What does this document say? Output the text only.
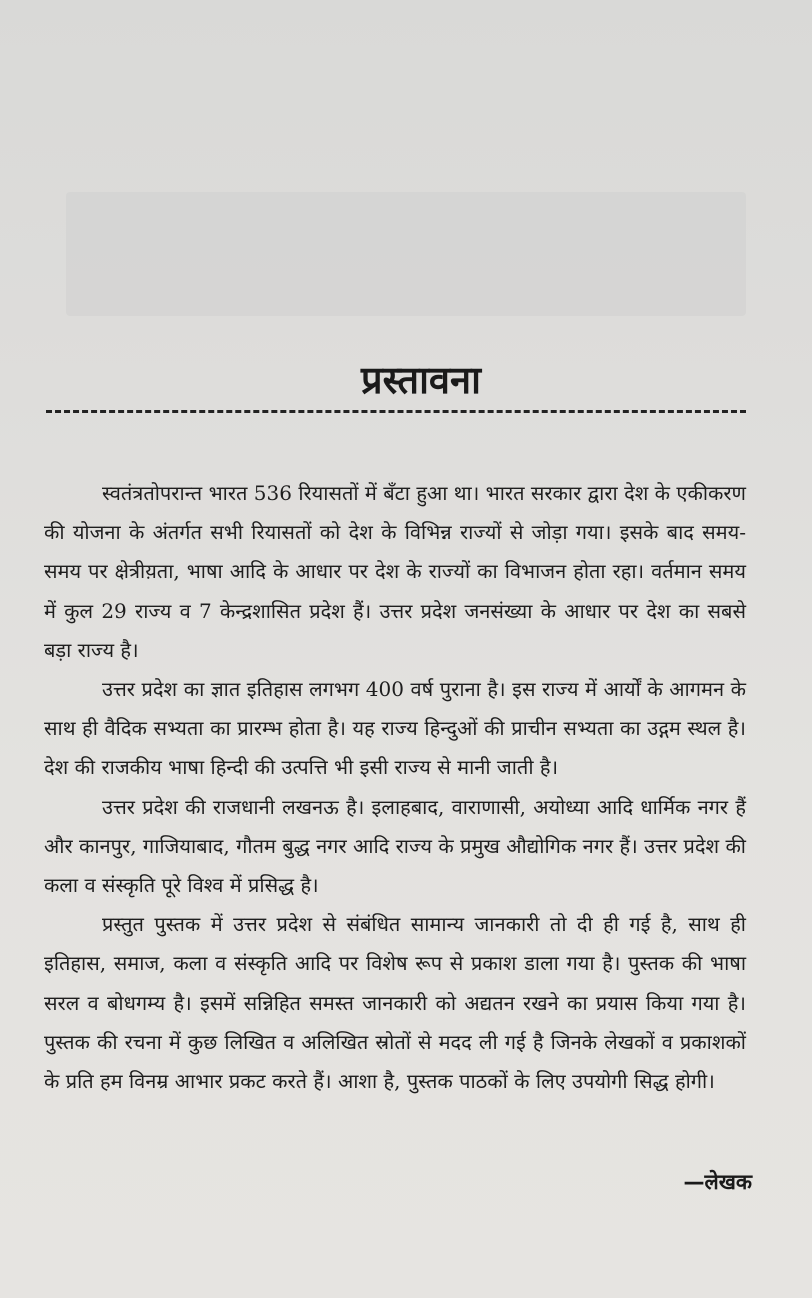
प्रस्तावना

स्वतंत्रतोपरान्त भारत 536 रियासतों में बँटा हुआ था। भारत सरकार द्वारा देश के एकीकरण की योजना के अंतर्गत सभी रियासतों को देश के विभिन्न राज्यों से जोड़ा गया। इसके बाद समय-समय पर क्षेत्रीय़ता, भाषा आदि के आधार पर देश के राज्यों का विभाजन होता रहा। वर्तमान समय में कुल 29 राज्य व 7 केन्द्रशासित प्रदेश हैं। उत्तर प्रदेश जनसंख्या के आधार पर देश का सबसे बड़ा राज्य है।

उत्तर प्रदेश का ज्ञात इतिहास लगभग 400 वर्ष पुराना है। इस राज्य में आर्यों के आगमन के साथ ही वैदिक सभ्यता का प्रारम्भ होता है। यह राज्य हिन्दुओं की प्राचीन सभ्यता का उद्गम स्थल है। देश की राजकीय भाषा हिन्दी की उत्पत्ति भी इसी राज्य से मानी जाती है।

उत्तर प्रदेश की राजधानी लखनऊ है। इलाहबाद, वाराणासी, अयोध्या आदि धार्मिक नगर हैं और कानपुर, गाजियाबाद, गौतम बुद्ध नगर आदि राज्य के प्रमुख औद्योगिक नगर हैं। उत्तर प्रदेश की कला व संस्कृति पूरे विश्व में प्रसिद्ध है।

प्रस्तुत पुस्तक में उत्तर प्रदेश से संबंधित सामान्य जानकारी तो दी ही गई है, साथ ही इतिहास, समाज, कला व संस्कृति आदि पर विशेष रूप से प्रकाश डाला गया है। पुस्तक की भाषा सरल व बोधगम्य है। इसमें सन्निहित समस्त जानकारी को अद्यतन रखने का प्रयास किया गया है। पुस्तक की रचना में कुछ लिखित व अलिखित स्रोतों से मदद ली गई है जिनके लेखकों व प्रकाशकों के प्रति हम विनम्र आभार प्रकट करते हैं। आशा है, पुस्तक पाठकों के लिए उपयोगी सिद्ध होगी।

—लेखक
